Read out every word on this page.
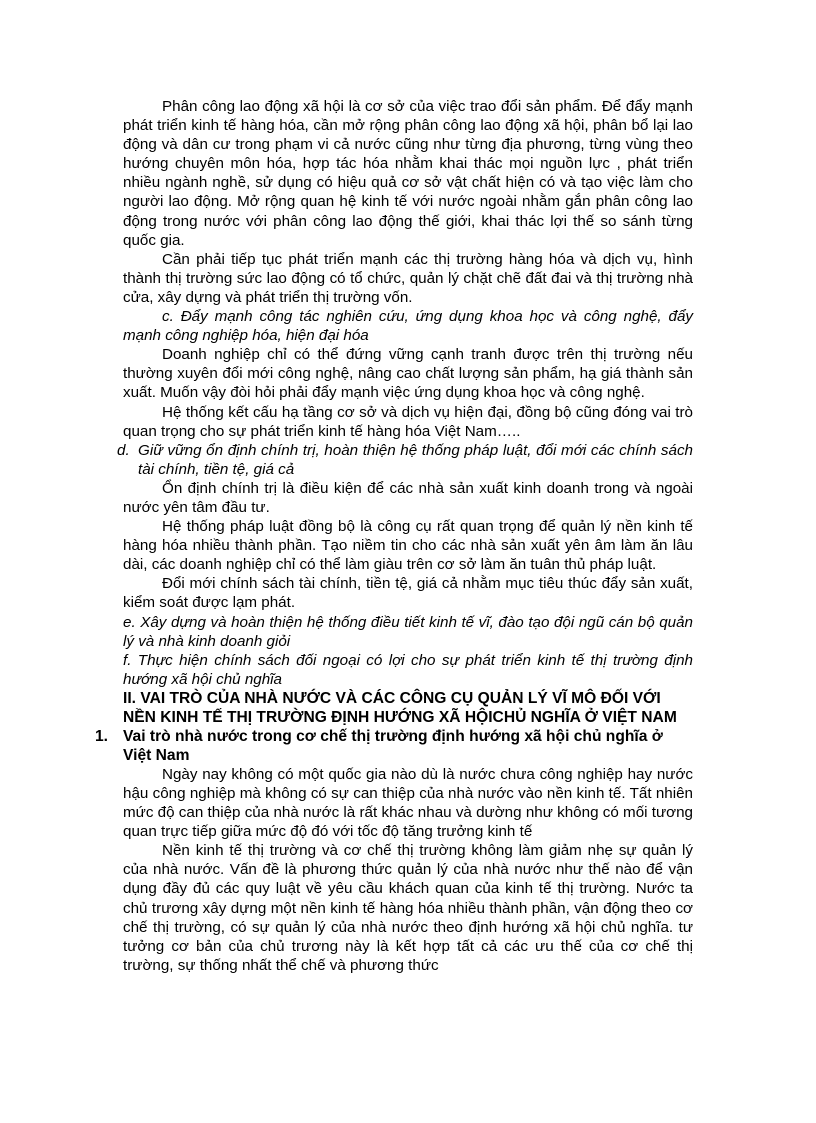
Phân công lao động xã hội là cơ sở của việc trao đổi sản phẩm. Để đẩy mạnh phát triển kinh tế hàng hóa, cần mở rộng phân công lao động xã hội, phân bổ lại lao động và dân cư trong phạm vi cả nước cũng như từng địa phương, từng vùng theo hướng chuyên môn hóa, hợp tác hóa nhằm khai thác mọi nguồn lực , phát triển nhiều ngành nghề, sử dụng có hiệu quả cơ sở vật chất hiện có và tạo việc làm cho người lao động. Mở rộng quan hệ kinh tế với nước ngoài nhằm gắn phân công lao động trong nước với phân công lao động thế giới, khai thác lợi thế so sánh từng quốc gia.

Cần phải tiếp tục phát triển mạnh các thị trường hàng hóa và dịch vụ, hình thành thị trường sức lao động có tổ chức, quản lý chặt chẽ đất đai và thị trường nhà cửa, xây dựng và phát triển thị trường vốn.

c. Đẩy mạnh công tác nghiên cứu, ứng dụng khoa học và công nghệ, đẩy mạnh công nghiệp hóa, hiện đại hóa

Doanh nghiệp chỉ có thể đứng vững cạnh tranh được trên thị trường nếu thường xuyên đổi mới công nghệ, nâng cao chất lượng sản phẩm, hạ giá thành sản xuất. Muốn vậy đòi hỏi phải đẩy mạnh việc ứng dụng khoa học và công nghệ.

Hệ thống kết cấu hạ tầng cơ sở và dịch vụ hiện đại, đồng bộ cũng đóng vai trò quan trọng cho sự phát triển kinh tế hàng hóa Việt Nam…..

d. Giữ vững ổn định chính trị, hoàn thiện hệ thống pháp luật, đổi mới các chính sách tài chính, tiền tệ, giá cả

Ổn định chính trị là điều kiện để các nhà sản xuất kinh doanh trong và ngoài nước yên tâm đầu tư.

Hệ thống pháp luật đồng bộ là công cụ rất quan trọng để quản lý nền kinh tế hàng hóa nhiều thành phần. Tạo niềm tin cho các nhà sản xuất yên âm làm ăn lâu dài, các doanh nghiệp chỉ có thể làm giàu trên cơ sở làm ăn tuân thủ pháp luật.

Đổi mới chính sách tài chính, tiền tệ, giá cả nhằm mục tiêu thúc đẩy sản xuất, kiểm soát được lạm phát.

e. Xây dựng và hoàn thiện hệ thống điều tiết kinh tế vĩ, đào tạo đội ngũ cán bộ quản lý và nhà kinh doanh giỏi

f. Thực hiện chính sách đối ngoại có lợi cho sự phát triển kinh tế thị trường định hướng xã hội chủ nghĩa

II. VAI TRÒ CỦA NHÀ NƯỚC VÀ CÁC CÔNG CỤ QUẢN LÝ VĨ MÔ ĐỐI VỚI NỀN KINH TẾ THỊ TRƯỜNG ĐỊNH HƯỚNG XÃ HỘICHỦ NGHĨA Ở VIỆT NAM

1. Vai trò nhà nước trong cơ chế thị trường định hướng xã hội chủ nghĩa ở Việt Nam

Ngày nay không có một quốc gia nào dù là nước chưa công nghiệp hay nước hậu công nghiệp mà không có sự can thiệp của nhà nước vào nền kinh tế. Tất nhiên mức độ can thiệp của nhà nước là rất khác nhau và dường như không có mối tương quan trực tiếp giữa mức độ đó với tốc độ tăng trưởng kinh tế

Nền kinh tế thị trường và cơ chế thị trường không làm giảm nhẹ sự quản lý của nhà nước. Vấn đề là phương thức quản lý của nhà nước như thế nào để vận dụng đầy đủ các quy luật về yêu cầu khách quan của kinh tế thị trường. Nước ta chủ trương xây dựng một nền kinh tế hàng hóa nhiều thành phần, vận động theo cơ chế thị trường, có sự quản lý của nhà nước theo định hướng xã hội chủ nghĩa. tư tưởng cơ bản của chủ trương này là kết hợp tất cả các ưu thế của cơ chế thị trường, sự thống nhất thể chế và phương thức
